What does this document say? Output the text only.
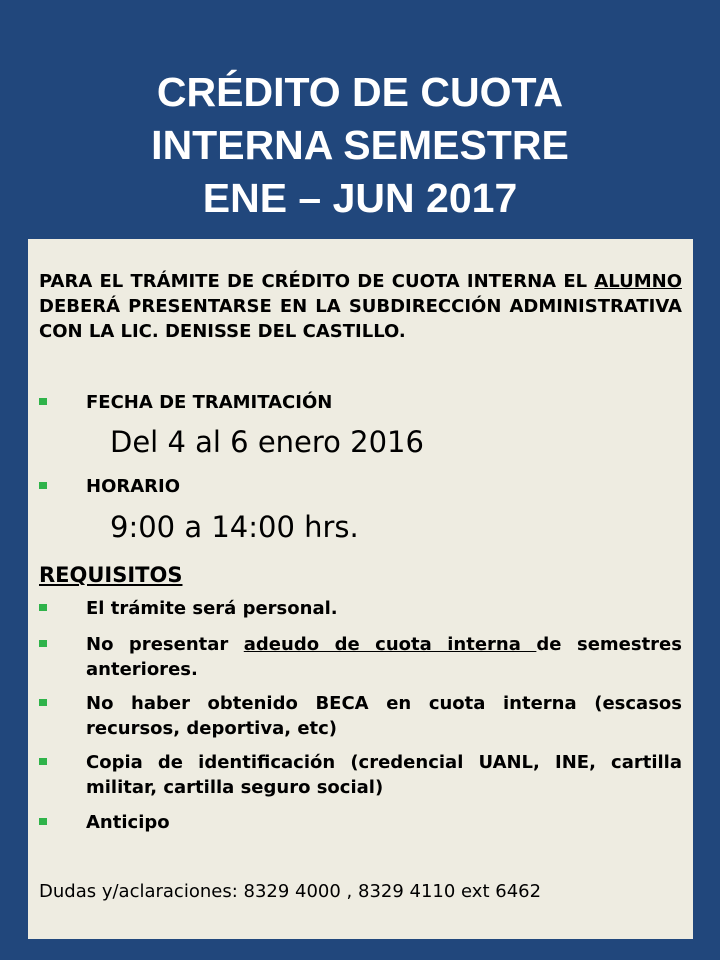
CRÉDITO DE CUOTA
INTERNA SEMESTRE
ENE – JUN 2017
PARA EL TRÁMITE DE CRÉDITO DE CUOTA INTERNA EL ALUMNO DEBERÁ PRESENTARSE EN LA SUBDIRECCIÓN ADMINISTRATIVA CON LA LIC. DENISSE DEL CASTILLO.
FECHA DE TRAMITACIÓN
Del 4 al 6 enero 2016
HORARIO
9:00 a 14:00 hrs.
REQUISITOS
El trámite será personal.
No presentar adeudo de cuota interna de semestres anteriores.
No haber obtenido BECA en cuota interna (escasos recursos, deportiva, etc)
Copia de identificación (credencial UANL, INE, cartilla militar, cartilla seguro social)
Anticipo
Dudas y/aclaraciones: 8329 4000 , 8329 4110 ext 6462
